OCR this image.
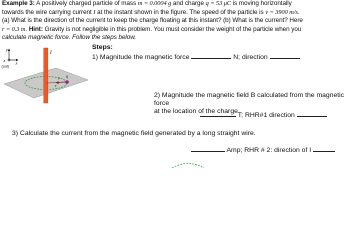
Example 3: A positively charged particle of mass m = 0.0004 g and charge q = 53 μC is moving horizontally
towards the wire carrying current I at the instant shown in the figure. The speed of the particle is v = 3900 m/s.
(a) What is the direction of the current to keep the charge floating at this instant? (b) What is the current? Here
r = 0.3 m. Hint: Gravity is not negligible in this problem. You must consider the weight of the particle when you
calculate magnetic force. Follow the steps below.
y
x
z
(out)
I
r
v q
Steps:
1) Magnitude the magnetic force	N; direction
2) Magnitude the magnetic field B calculated from the magnetic force
at the location of the charge.
T; RHR#1 direction
3) Calculate the current from the magnetic field generated by a long straight wire.
Amp; RHR # 2: direction of I
